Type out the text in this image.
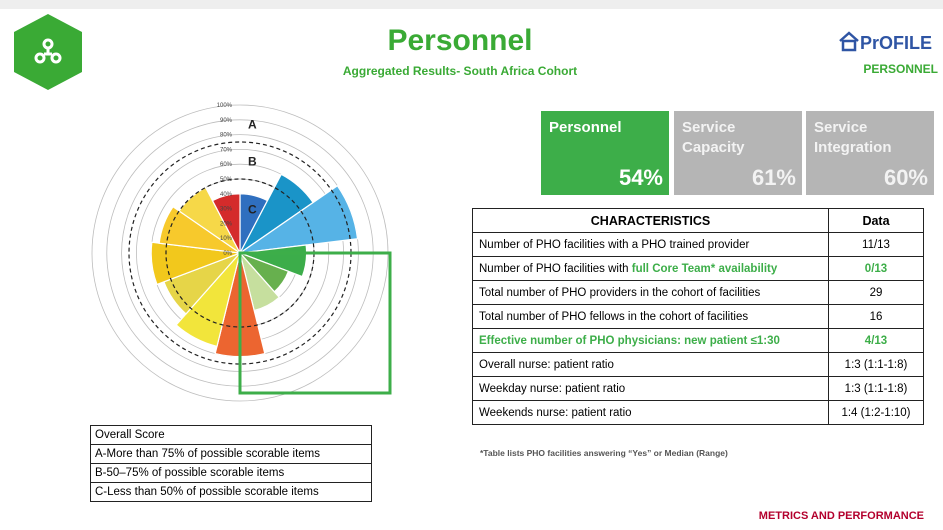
Personnel
Aggregated Results- South Africa Cohort
PrOFILE
PERSONNEL
100%
90%
80%
70%
60%
50%
40%
30%
20%
10%
0%
A
B
C
Personnel
54%
Service Capacity
61%
Service Integration
60%
CHARACTERISTICS	Data
Number of PHO facilities with a PHO trained provider	11/13
Number of PHO facilities with full Core Team* availability	0/13
Total number of PHO providers in the cohort of facilities	29
Total number of PHO fellows in the cohort of facilities	16
Effective number of PHO physicians: new patient ≤1:30	4/13
Overall nurse: patient ratio	1:3 (1:1-1:8)
Weekday nurse: patient ratio	1:3 (1:1-1:8)
Weekends nurse: patient ratio	1:4 (1:2-1:10)
*Table lists PHO facilities answering “Yes” or Median (Range)
Overall Score
A-More than 75% of possible scorable items
B-50–75% of possible scorable items
C-Less than 50% of possible scorable items
METRICS AND PERFORMANCE
